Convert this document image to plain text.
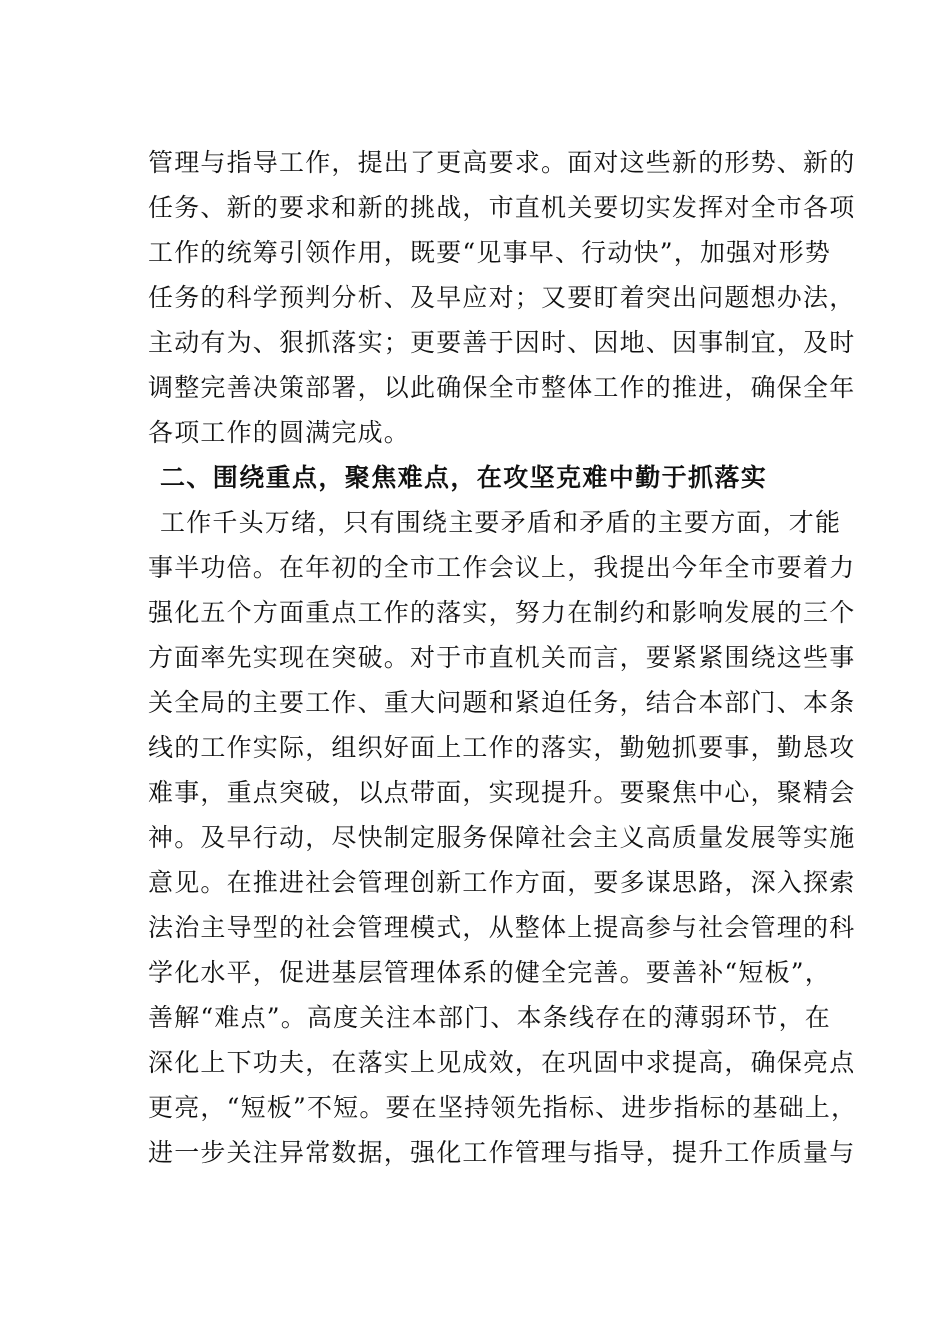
管理与指导工作，提出了更高要求。面对这些新的形势、新的
任务、新的要求和新的挑战，市直机关要切实发挥对全市各项
工作的统筹引领作用，既要“见事早、行动快”，加强对形势
任务的科学预判分析、及早应对；又要盯着突出问题想办法，
主动有为、狠抓落实；更要善于因时、因地、因事制宜，及时
调整完善决策部署，以此确保全市整体工作的推进，确保全年
各项工作的圆满完成。
二、围绕重点，聚焦难点，在攻坚克难中勤于抓落实
工作千头万绪，只有围绕主要矛盾和矛盾的主要方面，才能
事半功倍。在年初的全市工作会议上，我提出今年全市要着力
强化五个方面重点工作的落实，努力在制约和影响发展的三个
方面率先实现在突破。对于市直机关而言，要紧紧围绕这些事
关全局的主要工作、重大问题和紧迫任务，结合本部门、本条
线的工作实际，组织好面上工作的落实，勤勉抓要事，勤恳攻
难事，重点突破，以点带面，实现提升。要聚焦中心，聚精会
神。及早行动，尽快制定服务保障社会主义高质量发展等实施
意见。在推进社会管理创新工作方面，要多谋思路，深入探索
法治主导型的社会管理模式，从整体上提高参与社会管理的科
学化水平，促进基层管理体系的健全完善。要善补“短板”，
善解“难点”。高度关注本部门、本条线存在的薄弱环节，在
深化上下功夫，在落实上见成效，在巩固中求提高，确保亮点
更亮，“短板”不短。要在坚持领先指标、进步指标的基础上，
进一步关注异常数据，强化工作管理与指导，提升工作质量与
